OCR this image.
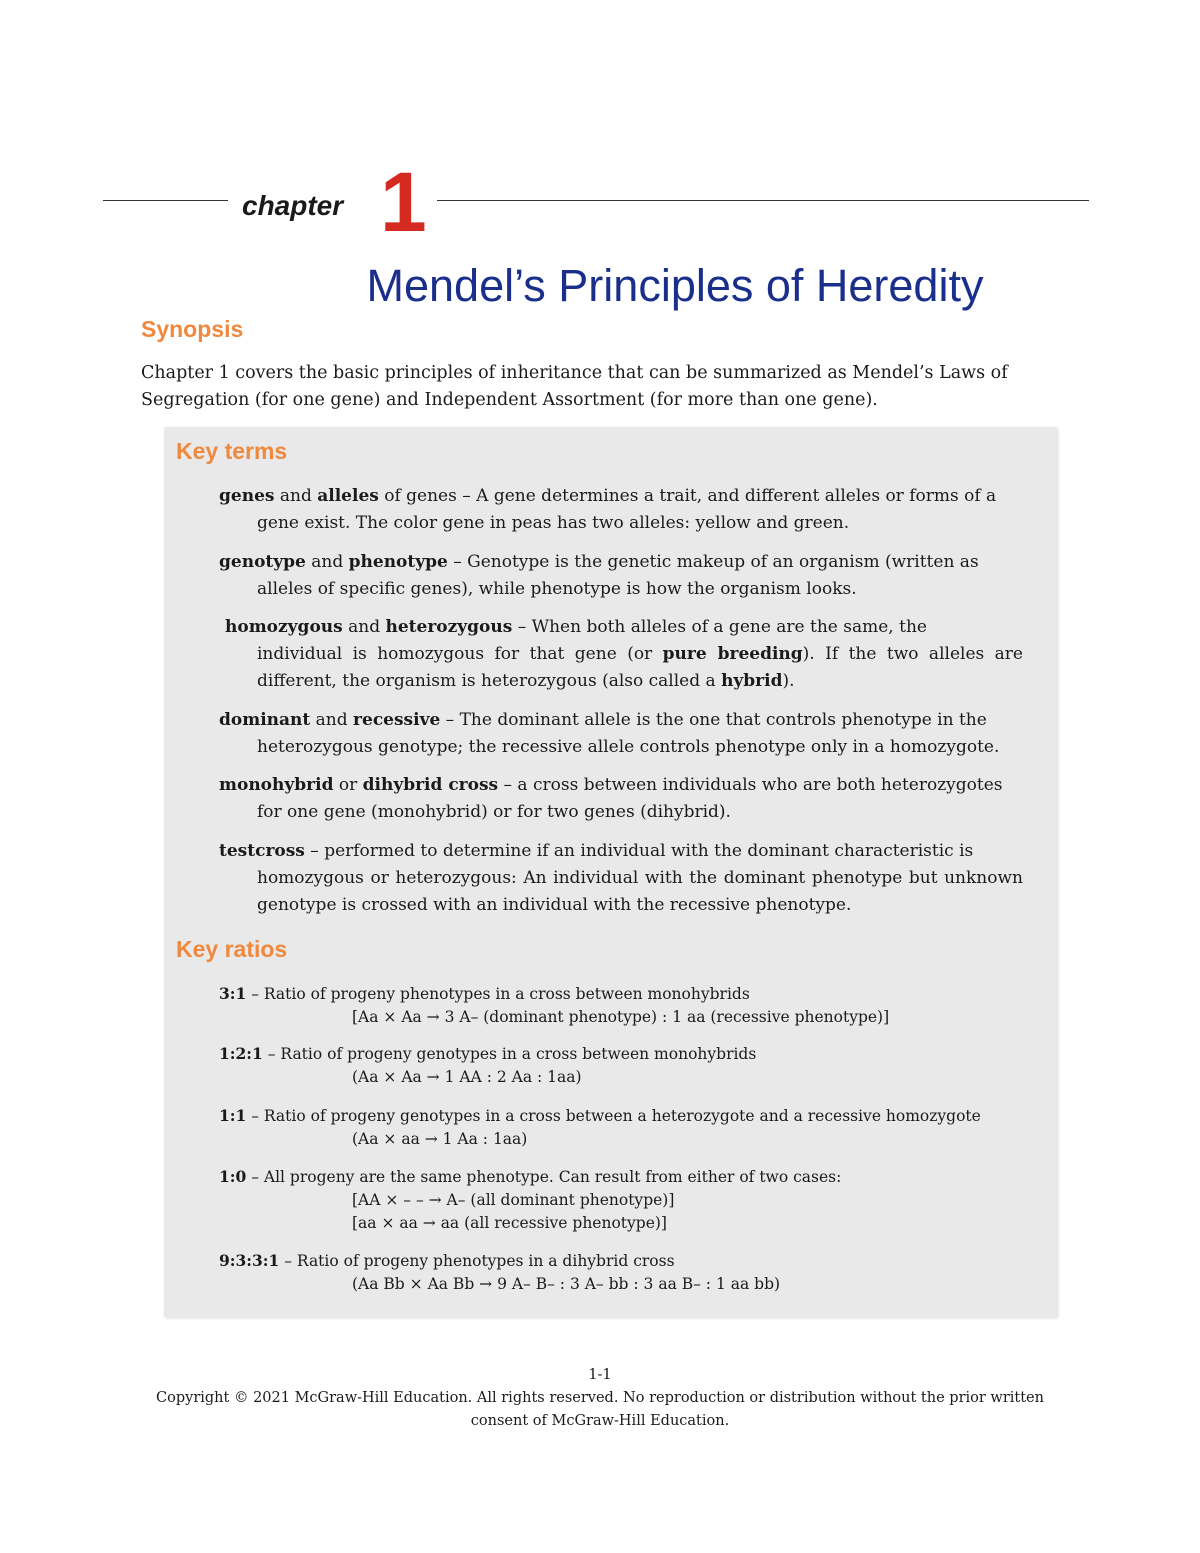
chapter 1
Mendel’s Principles of Heredity
Synopsis
Chapter 1 covers the basic principles of inheritance that can be summarized as Mendel’s Laws of Segregation (for one gene) and Independent Assortment (for more than one gene).
Key terms
genes and alleles of genes – A gene determines a trait, and different alleles or forms of a
gene exist. The color gene in peas has two alleles: yellow and green.
genotype and phenotype – Genotype is the genetic makeup of an organism (written as
alleles of specific genes), while phenotype is how the organism looks.
homozygous and heterozygous – When both alleles of a gene are the same, the
individual is homozygous for that gene (or pure breeding). If the two alleles are different, the organism is heterozygous (also called a hybrid).
dominant and recessive – The dominant allele is the one that controls phenotype in the
heterozygous genotype; the recessive allele controls phenotype only in a homozygote.
monohybrid or dihybrid cross – a cross between individuals who are both heterozygotes
for one gene (monohybrid) or for two genes (dihybrid).
testcross – performed to determine if an individual with the dominant characteristic is
homozygous or heterozygous: An individual with the dominant phenotype but unknown genotype is crossed with an individual with the recessive phenotype.
Key ratios
3:1 – Ratio of progeny phenotypes in a cross between monohybrids
[Aa × Aa → 3 A– (dominant phenotype) : 1 aa (recessive phenotype)]
1:2:1 – Ratio of progeny genotypes in a cross between monohybrids
(Aa × Aa → 1 AA : 2 Aa : 1aa)
1:1 – Ratio of progeny genotypes in a cross between a heterozygote and a recessive homozygote
(Aa × aa → 1 Aa : 1aa)
1:0 – All progeny are the same phenotype. Can result from either of two cases:
[AA × – – → A– (all dominant phenotype)]
[aa × aa → aa (all recessive phenotype)]
9:3:3:1 – Ratio of progeny phenotypes in a dihybrid cross
(Aa Bb × Aa Bb → 9 A– B– : 3 A– bb : 3 aa B– : 1 aa bb)
1-1
Copyright © 2021 McGraw-Hill Education. All rights reserved. No reproduction or distribution without the prior written consent of McGraw-Hill Education.
